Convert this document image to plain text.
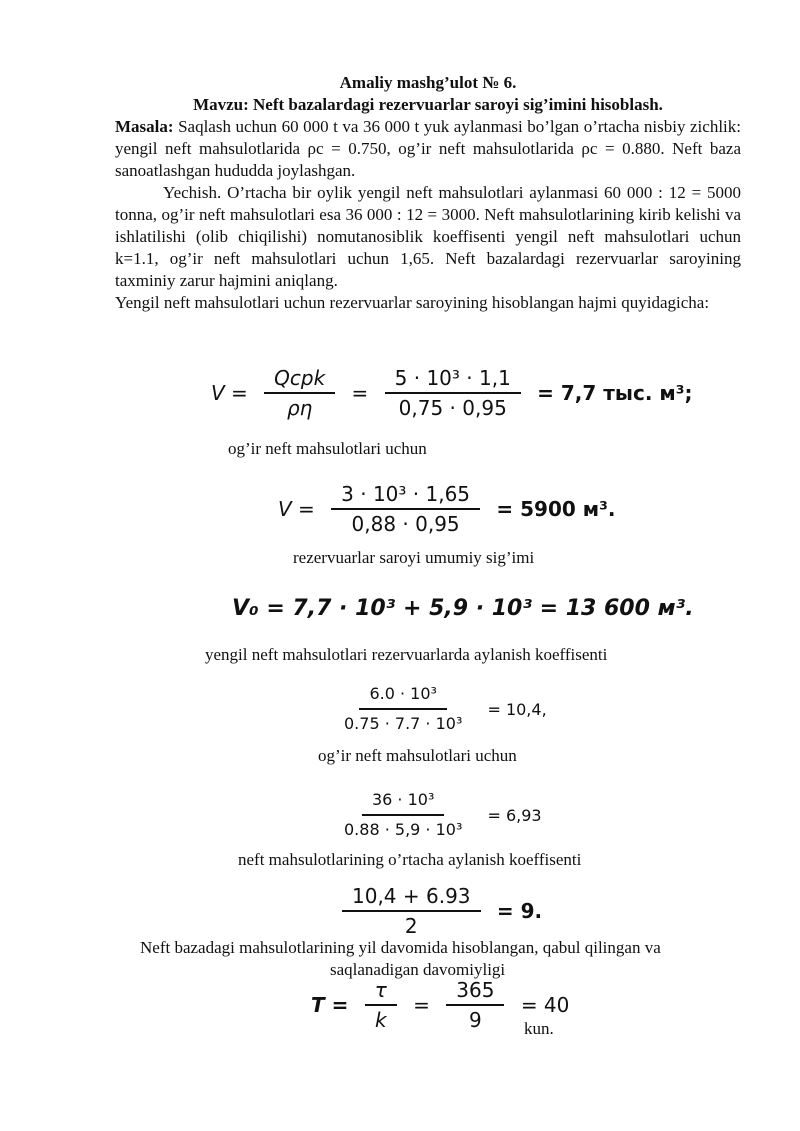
Amaliy mashg’ulot № 6.

Mavzu: Neft bazalardagi rezervuarlar saroyi sig’imini hisoblash.

Masala: Saqlash uchun 60 000 t va 36 000 t yuk aylanmasi bo’lgan o’rtacha nisbiy zichlik: yengil neft mahsulotlarida ρc = 0.750, og’ir neft mahsulotlarida ρc = 0.880. Neft baza sanoatlashgan hududda joylashgan.

Yechish. O’rtacha bir oylik yengil neft mahsulotlari aylanmasi 60 000 : 12 = 5000 tonna, og’ir neft mahsulotlari esa 36 000 : 12 = 3000. Neft mahsulotlarining kirib kelishi va ishlatilishi (olib chiqilishi) nomutanosiblik koeffisenti yengil neft mahsulotlari uchun k=1.1, og’ir neft mahsulotlari uchun 1,65. Neft bazalardagi rezervuarlar saroyining taxminiy zarur hajmini aniqlang.

Yengil neft mahsulotlari uchun rezervuarlar saroyining hisoblangan hajmi quyidagicha:

$V = \frac{\text{Qcpk}}{\rho\eta} = \frac{\text{5 · 10³ · 1,1}}{0,75 \cdot 0,95} = 7,7$ тыс. м³;
og’ir neft mahsulotlari uchun
$V = \frac{\text{3 · 10³ · 1,65}}{0,88 \cdot 0,95} = 5900$ м³.
rezervuarlar saroyi umumiy sig’imi
V₀ = 7,7 · 10³ + 5,9 · 10³ = 13 600 м³.
yengil neft mahsulotlari rezervuarlarda aylanish koeffisenti
$\frac{\text{6.0 · 10³}}{\text{0.75 · 7.7 · 10³}} = 10,4$,
og’ir neft mahsulotlari uchun
$\frac{\text{36 · 10³}}{\text{0.88 · 5,9 · 10³}} = 6,93$
neft mahsulotlarining o’rtacha aylanish koeffisenti
$\frac{10,4 + 6.93}{2} = 9$.
Neft bazadagi mahsulotlarining yil davomida hisoblangan, qabul qilingan va
saqlanadigan davomiyligi
$T = \frac{\tau}{k} = \frac{365}{9} = 40$
kun.
